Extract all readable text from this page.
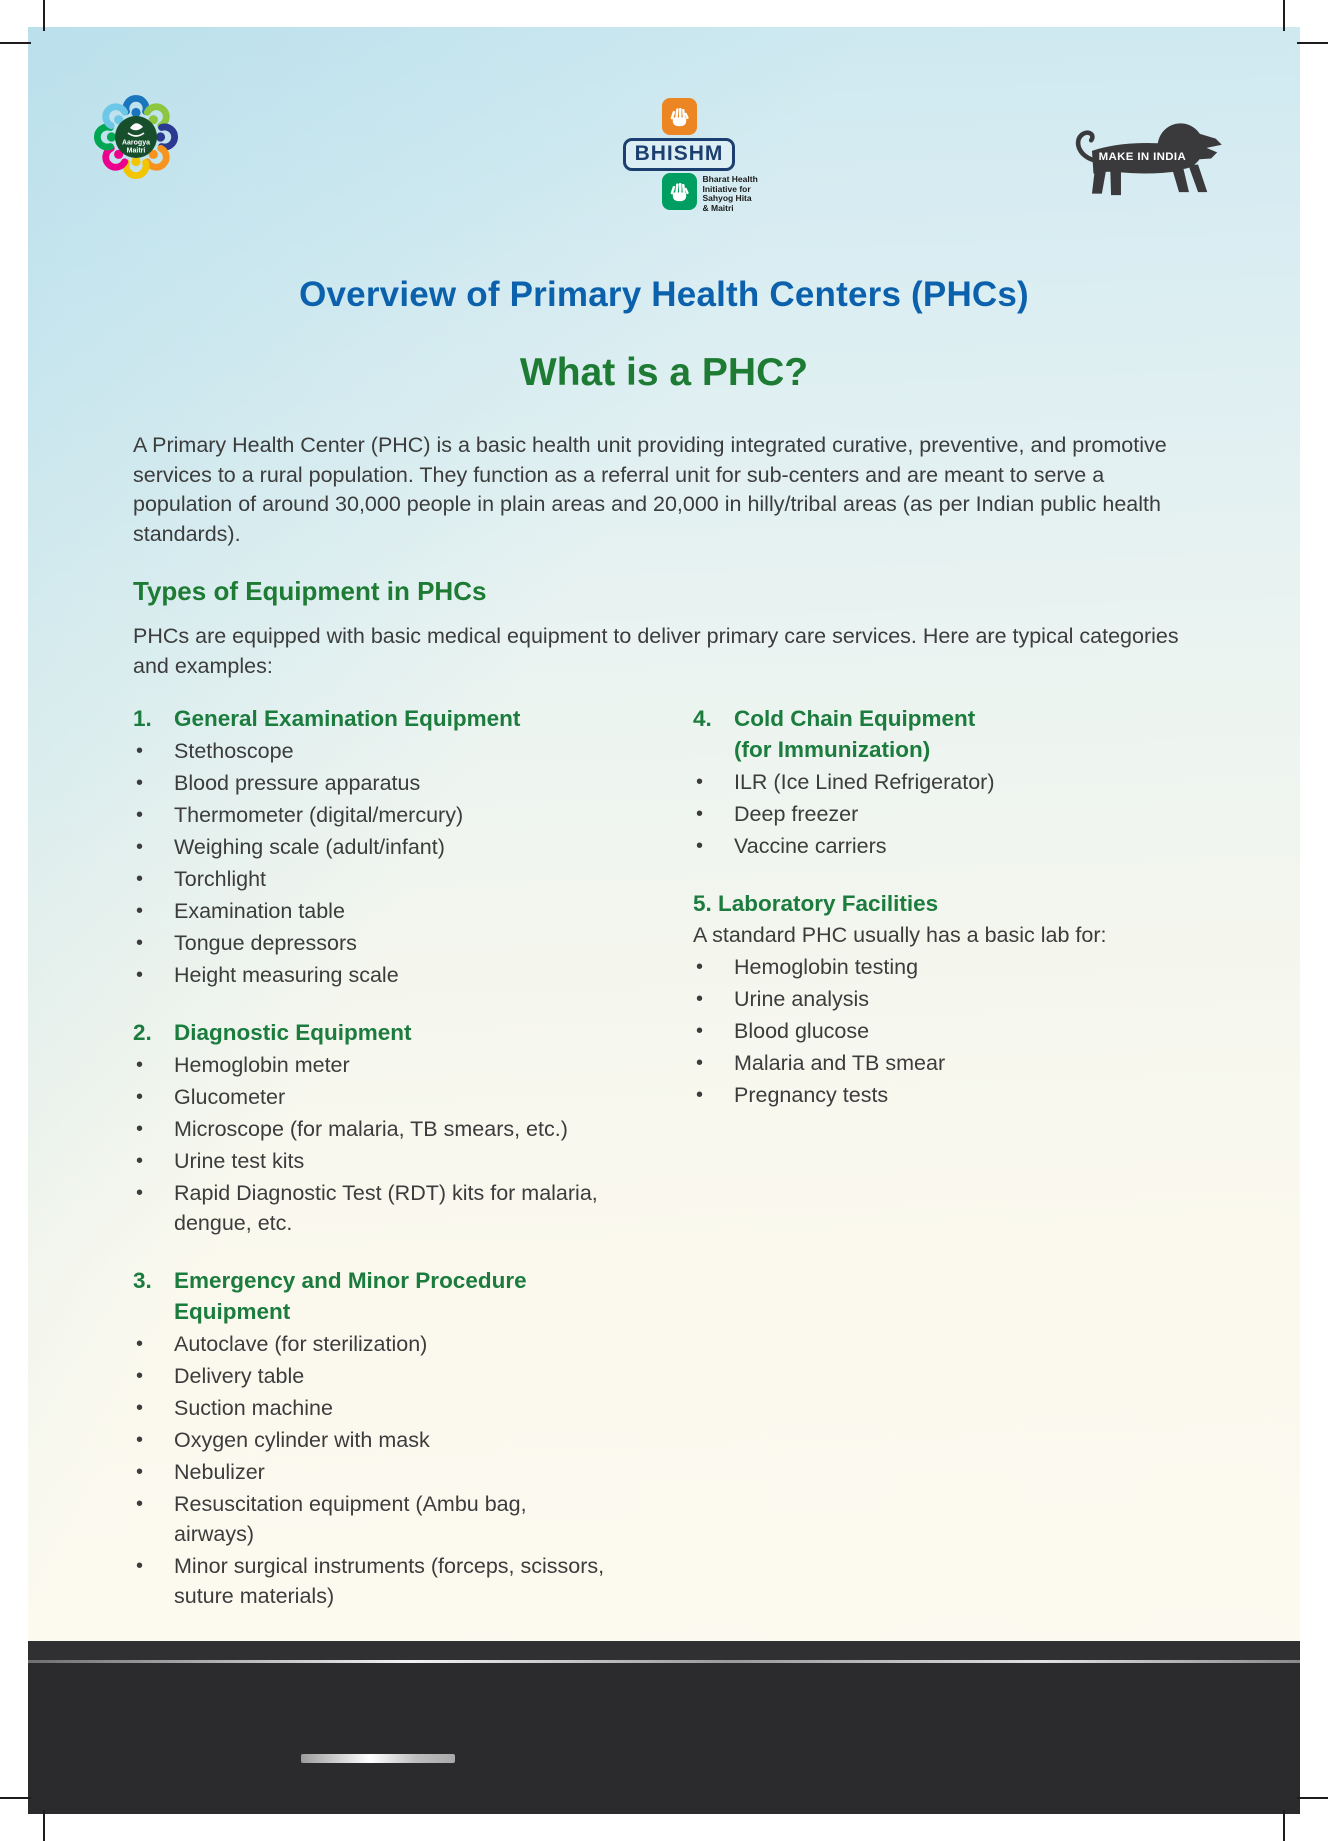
Aarogya
Maitri	BHISHM
Bharat Health
Initiative for
Sahyog Hita
& Maitri
MAKE IN INDIA
Overview of Primary Health Centers (PHCs)
What is a PHC?
A Primary Health Center (PHC) is a basic health unit providing integrated curative, preventive, and promotive services to a rural population. They function as a referral unit for sub-centers and are meant to serve a population of around 30,000 people in plain areas and 20,000 in hilly/tribal areas (as per Indian public health standards).
Types of Equipment in PHCs
PHCs are equipped with basic medical equipment to deliver primary care services. Here are typical categories and examples:
1. General Examination Equipment
• Stethoscope
• Blood pressure apparatus
• Thermometer (digital/mercury)
• Weighing scale (adult/infant)
• Torchlight
• Examination table
• Tongue depressors
• Height measuring scale
2. Diagnostic Equipment
• Hemoglobin meter
• Glucometer
• Microscope (for malaria, TB smears, etc.)
• Urine test kits
• Rapid Diagnostic Test (RDT) kits for malaria, dengue, etc.
3. Emergency and Minor Procedure
Equipment
• Autoclave (for sterilization)
• Delivery table
• Suction machine
• Oxygen cylinder with mask
• Nebulizer
• Resuscitation equipment (Ambu bag, airways)
• Minor surgical instruments (forceps, scissors, suture materials)
4. Cold Chain Equipment
(for Immunization)
• ILR (Ice Lined Refrigerator)
• Deep freezer
• Vaccine carriers
5. Laboratory Facilities
A standard PHC usually has a basic lab for:
• Hemoglobin testing
• Urine analysis
• Blood glucose
• Malaria and TB smear
• Pregnancy tests
